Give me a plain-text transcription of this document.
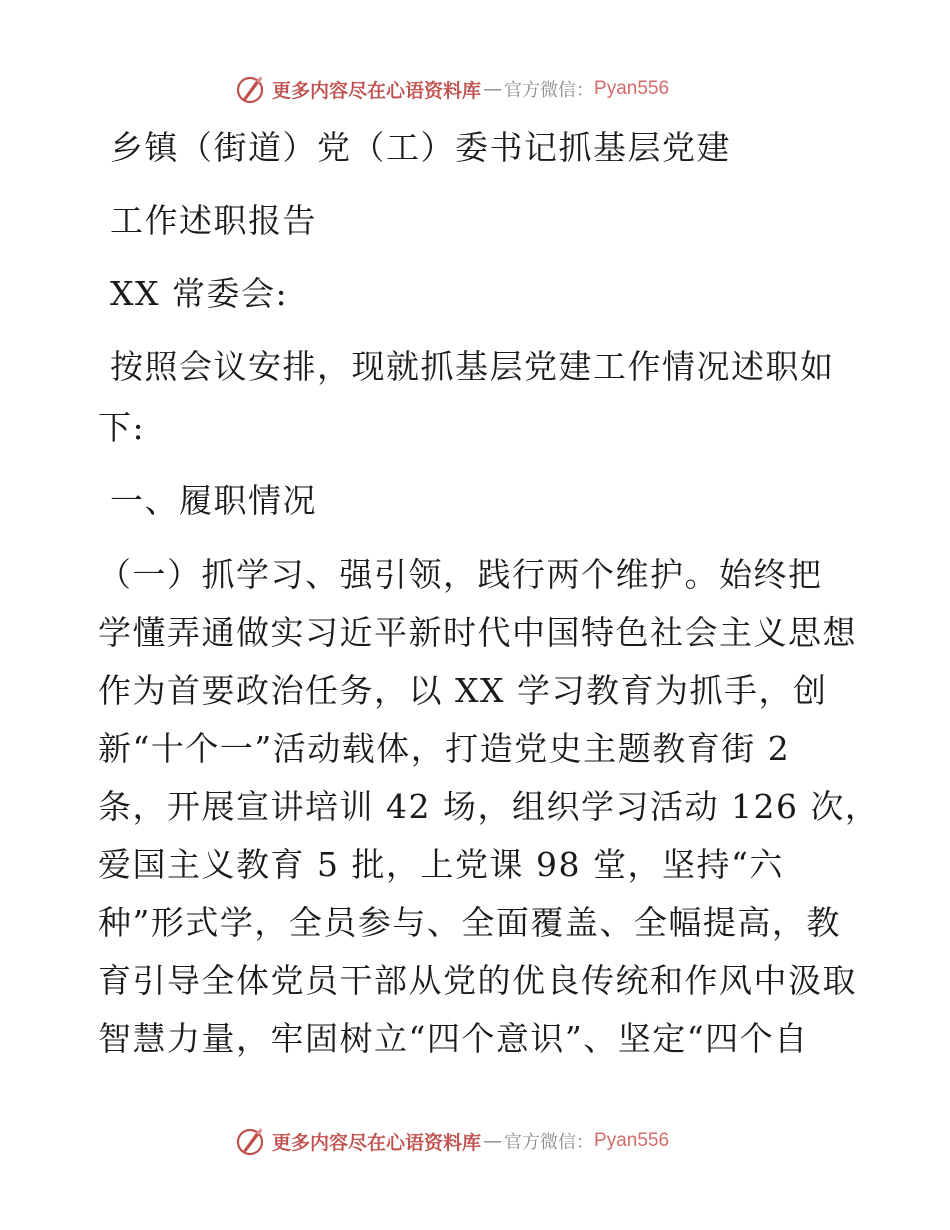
更多内容尽在心语资料库 — 官方微信： Pyan556
乡镇（街道）党（工）委书记抓基层党建
工作述职报告
XX 常委会:
按照会议安排，现就抓基层党建工作情况述职如
下:
一、履职情况
（一）抓学习、强引领，践行两个维护。始终把
学懂弄通做实习近平新时代中国特色社会主义思想
作为首要政治任务，以 XX 学习教育为抓手，创
新“十个一”活动载体，打造党史主题教育街 2
条，开展宣讲培训 42 场，组织学习活动 126 次，
爱国主义教育 5 批，上党课 98 堂，坚持“六
种”形式学，全员参与、全面覆盖、全幅提高，教
育引导全体党员干部从党的优良传统和作风中汲取
智慧力量，牢固树立“四个意识”、坚定“四个自
更多内容尽在心语资料库 — 官方微信： Pyan556
